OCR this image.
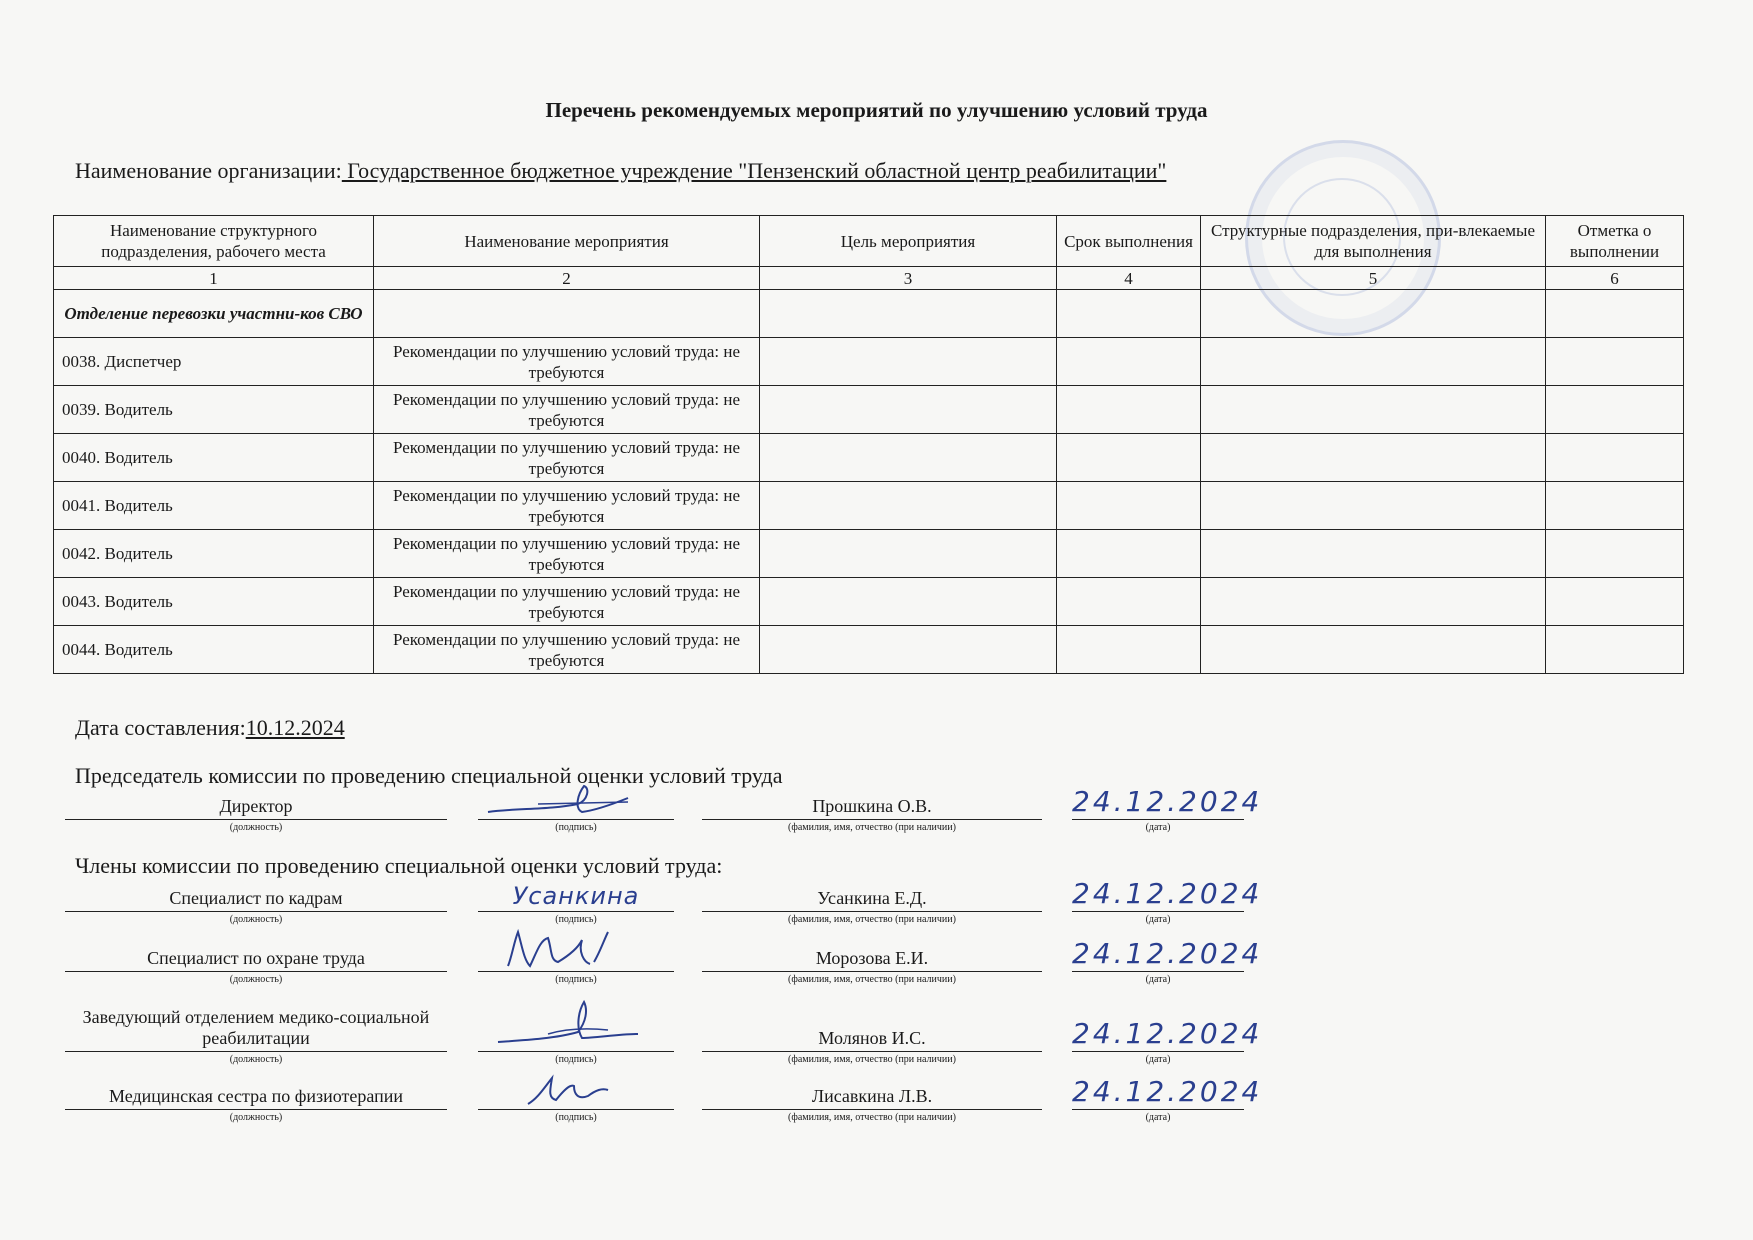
Перечень рекомендуемых мероприятий по улучшению условий труда
Наименование организации: Государственное бюджетное учреждение "Пензенский областной центр реабилитации"
Наименование структурного подразделения, рабочего места	Наименование мероприятия	Цель мероприятия	Срок выполнения	Структурные подразделения, при-влекаемые для выполнения	Отметка о выполнении
1	2	3	4	5	6
Отделение перевозки участни-ков СВО					
0038. Диспетчер	Рекомендации по улучшению условий труда: не требуются				
0039. Водитель	Рекомендации по улучшению условий труда: не требуются				
0040. Водитель	Рекомендации по улучшению условий труда: не требуются				
0041. Водитель	Рекомендации по улучшению условий труда: не требуются				
0042. Водитель	Рекомендации по улучшению условий труда: не требуются				
0043. Водитель	Рекомендации по улучшению условий труда: не требуются				
0044. Водитель	Рекомендации по улучшению условий труда: не требуются				
Дата составления:10.12.2024
Председатель комиссии по проведению специальной оценки условий труда
Директор
(должность)	(подпись)
Прошкина О.В.
(фамилия, имя, отчество (при наличии)
24.12.2024
(дата)
Члены комиссии по проведению специальной оценки условий труда:
Специалист по кадрам
(должность)
Усанкина
(подпись)
Усанкина Е.Д.
(фамилия, имя, отчество (при наличии)
24.12.2024
(дата)
Специалист по охране труда
(должность)	(подпись)
Морозова Е.И.
(фамилия, имя, отчество (при наличии)
24.12.2024
(дата)
Заведующий отделением медико-социальной реабилитации
(должность)	(подпись)
Молянов И.С.
(фамилия, имя, отчество (при наличии)
24.12.2024
(дата)
Медицинская сестра по физиотерапии
(должность)	(подпись)
Лисавкина Л.В.
(фамилия, имя, отчество (при наличии)
24.12.2024
(дата)
